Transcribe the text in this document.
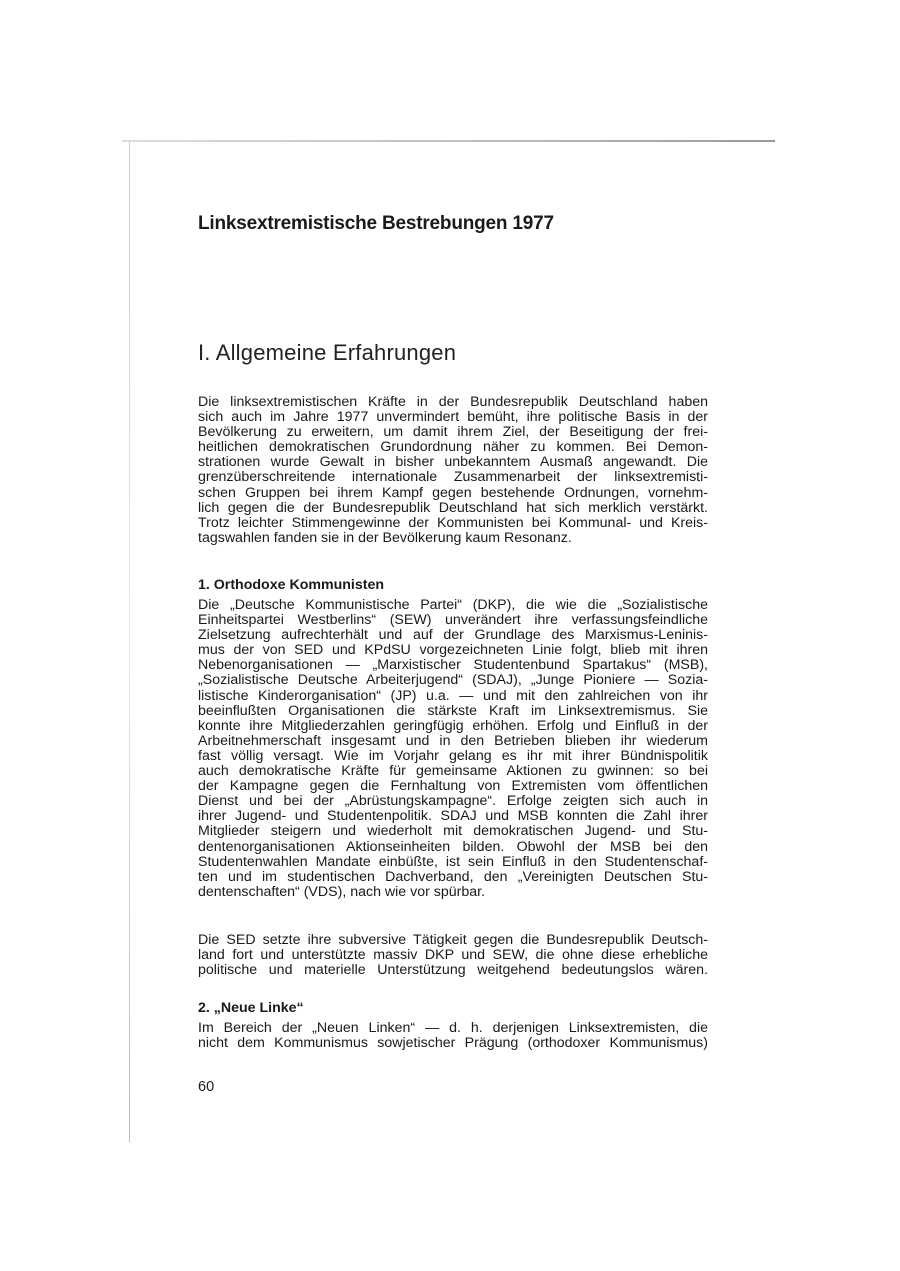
Linksextremistische Bestrebungen 1977
I. Allgemeine Erfahrungen
Die linksextremistischen Kräfte in der Bundesrepublik Deutschland haben
sich auch im Jahre 1977 unvermindert bemüht, ihre politische Basis in der
Bevölkerung zu erweitern, um damit ihrem Ziel, der Beseitigung der frei-
heitlichen demokratischen Grundordnung näher zu kommen. Bei Demon-
strationen wurde Gewalt in bisher unbekanntem Ausmaß angewandt. Die
grenzüberschreitende internationale Zusammenarbeit der linksextremisti-
schen Gruppen bei ihrem Kampf gegen bestehende Ordnungen, vornehm-
lich gegen die der Bundesrepublik Deutschland hat sich merklich verstärkt.
Trotz leichter Stimmengewinne der Kommunisten bei Kommunal- und Kreis-
tagswahlen fanden sie in der Bevölkerung kaum Resonanz.
1. Orthodoxe Kommunisten
Die „Deutsche Kommunistische Partei“ (DKP), die wie die „Sozialistische
Einheitspartei Westberlins“ (SEW) unverändert ihre verfassungsfeindliche
Zielsetzung aufrechterhält und auf der Grundlage des Marxismus-Leninis-
mus der von SED und KPdSU vorgezeichneten Linie folgt, blieb mit ihren
Nebenorganisationen — „Marxistischer Studentenbund Spartakus“ (MSB),
„Sozialistische Deutsche Arbeiterjugend“ (SDAJ), „Junge Pioniere — Sozia-
listische Kinderorganisation“ (JP) u.a. — und mit den zahlreichen von ihr
beeinflußten Organisationen die stärkste Kraft im Linksextremismus. Sie
konnte ihre Mitgliederzahlen geringfügig erhöhen. Erfolg und Einfluß in der
Arbeitnehmerschaft insgesamt und in den Betrieben blieben ihr wiederum
fast völlig versagt. Wie im Vorjahr gelang es ihr mit ihrer Bündnispolitik
auch demokratische Kräfte für gemeinsame Aktionen zu gwinnen: so bei
der Kampagne gegen die Fernhaltung von Extremisten vom öffentlichen
Dienst und bei der „Abrüstungskampagne“. Erfolge zeigten sich auch in
ihrer Jugend- und Studentenpolitik. SDAJ und MSB konnten die Zahl ihrer
Mitglieder steigern und wiederholt mit demokratischen Jugend- und Stu-
dentenorganisationen Aktionseinheiten bilden. Obwohl der MSB bei den
Studentenwahlen Mandate einbüßte, ist sein Einfluß in den Studentenschaf-
ten und im studentischen Dachverband, den „Vereinigten Deutschen Stu-
dentenschaften“ (VDS), nach wie vor spürbar.
Die SED setzte ihre subversive Tätigkeit gegen die Bundesrepublik Deutsch-
land fort und unterstützte massiv DKP und SEW, die ohne diese erhebliche
politische und materielle Unterstützung weitgehend bedeutungslos wären.
2. „Neue Linke“
Im Bereich der „Neuen Linken“ — d. h. derjenigen Linksextremisten, die
nicht dem Kommunismus sowjetischer Prägung (orthodoxer Kommunismus)
60
